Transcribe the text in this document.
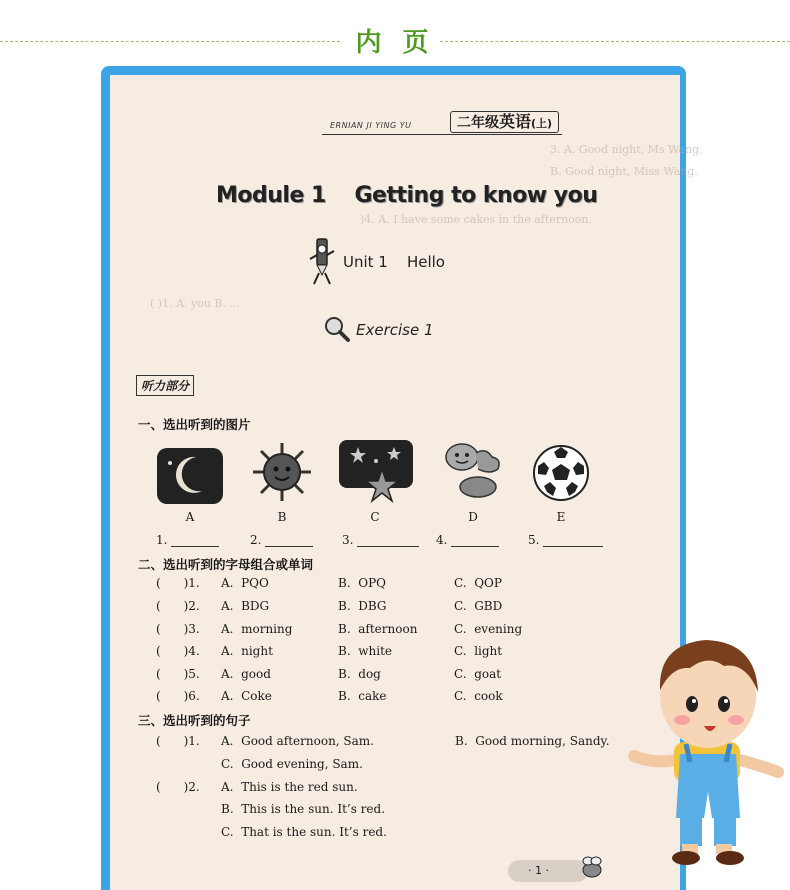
内 页
3. A. Good night, Ms Wang.
B. Good night, Miss Wang.
)4. A. I have some cakes in the afternoon.
( )1. A. you B. ...
ERNIAN JI YING YU	二年级英语(上)
Module 1    Getting to know you
Unit 1 Hello
Exercise 1
听力部分
一、选出听到的图片
A	B	C	D	E
1.	2.	3.	4.	5.
二、选出听到的字母组合或单词
(      )1. A.  PQO	B.  OPQ	C.  QOP
(      )2. A.  BDG	B.  DBG	C.  GBD
(      )3. A.  morning	B.  afternoon	C.  evening
(      )4. A.  night	B.  white	C.  light
(      )5. A.  good	B.  dog	C.  goat
(      )6. A.  Coke	B.  cake	C.  cook
三、选出听到的句子
(      )1. A.  Good afternoon, Sam.	B.  Good morning, Sandy.
C.  Good evening, Sam.
(      )2. A.  This is the red sun.
B.  This is the sun. It’s red.
C.  That is the sun. It’s red.
· 1 ·
